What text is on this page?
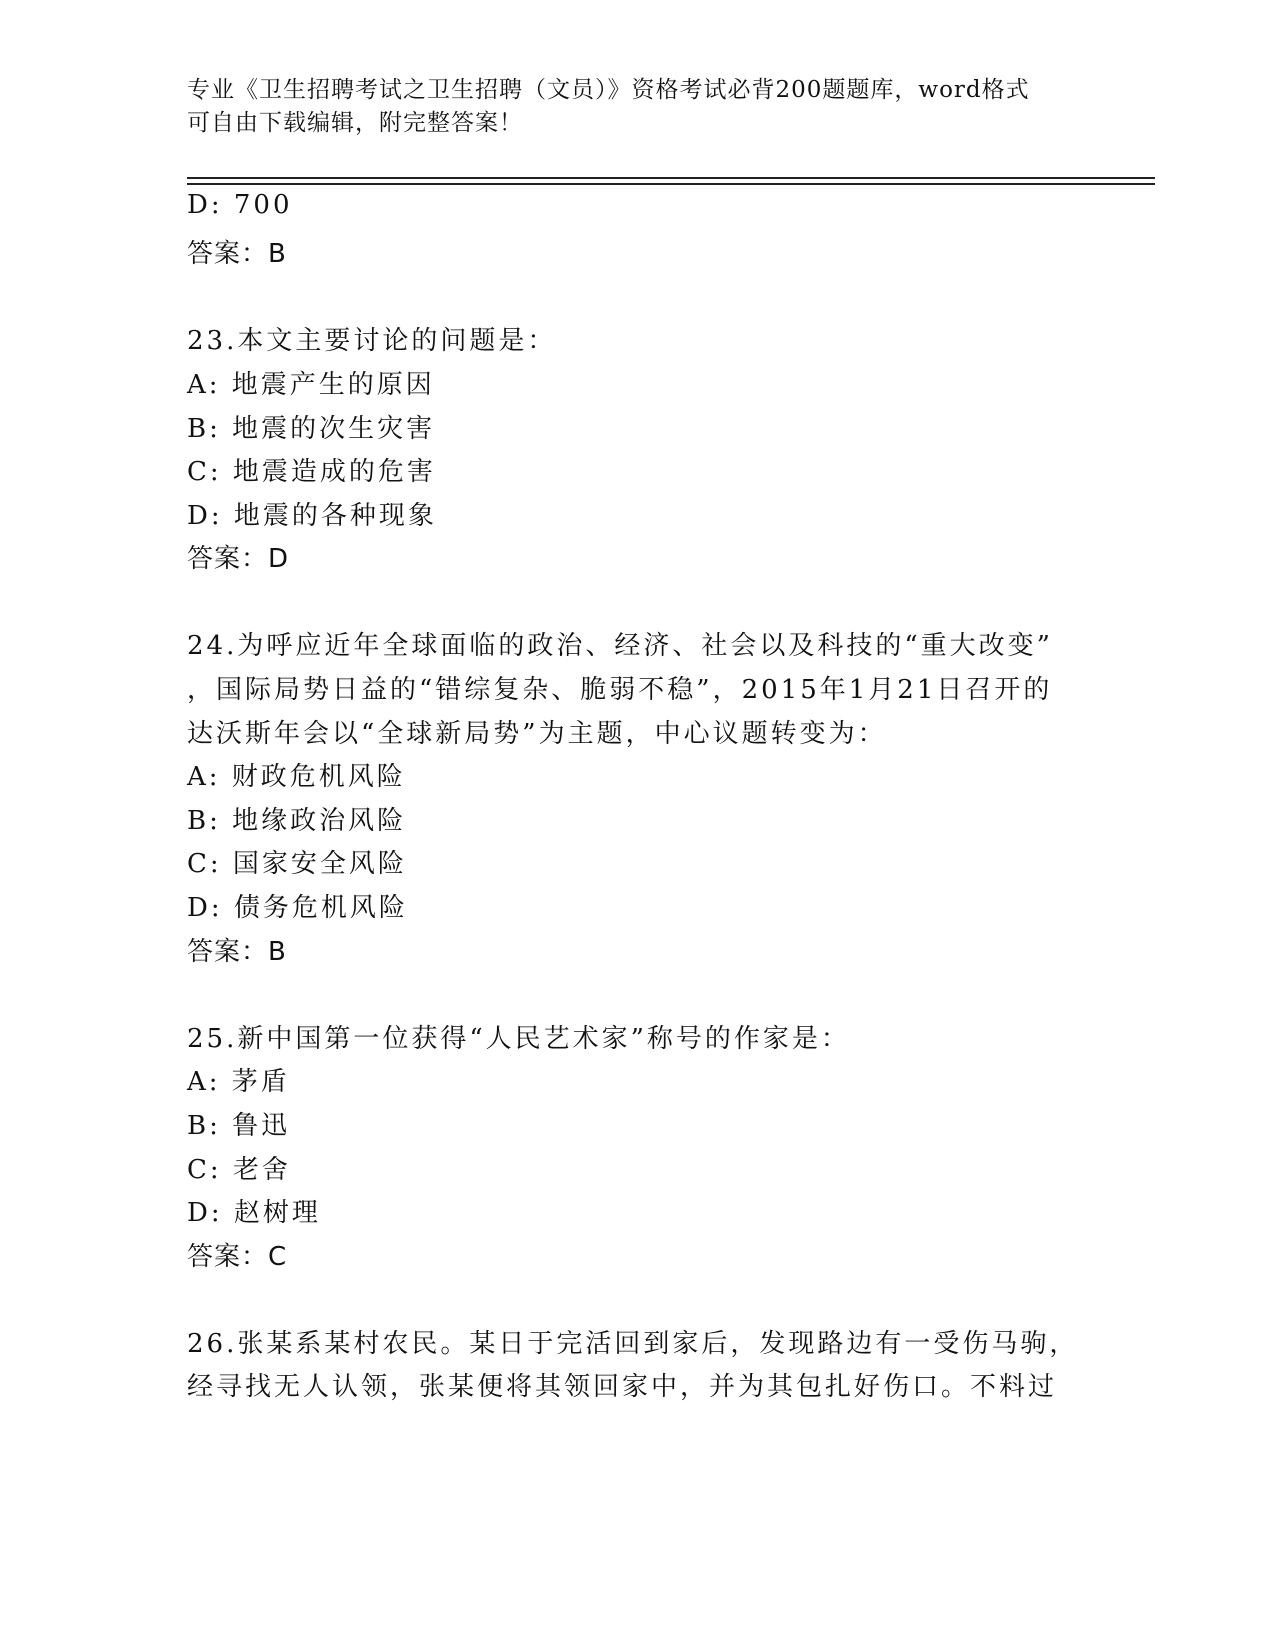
专业《卫生招聘考试之卫生招聘（文员）》资格考试必背200题题库，word格式
可自由下载编辑，附完整答案！
D: 700
答案：B
23.本文主要讨论的问题是：
A: 地震产生的原因
B: 地震的次生灾害
C: 地震造成的危害
D: 地震的各种现象
答案：D
24.为呼应近年全球面临的政治、经济、社会以及科技的“重大改变”
，国际局势日益的“错综复杂、脆弱不稳”，2015年1月21日召开的
达沃斯年会以“全球新局势”为主题，中心议题转变为：
A: 财政危机风险
B: 地缘政治风险
C: 国家安全风险
D: 债务危机风险
答案：B
25.新中国第一位获得“人民艺术家”称号的作家是：
A: 茅盾
B: 鲁迅
C: 老舍
D: 赵树理
答案：C
26.张某系某村农民。某日于完活回到家后，发现路边有一受伤马驹，
经寻找无人认领，张某便将其领回家中，并为其包扎好伤口。不料过
